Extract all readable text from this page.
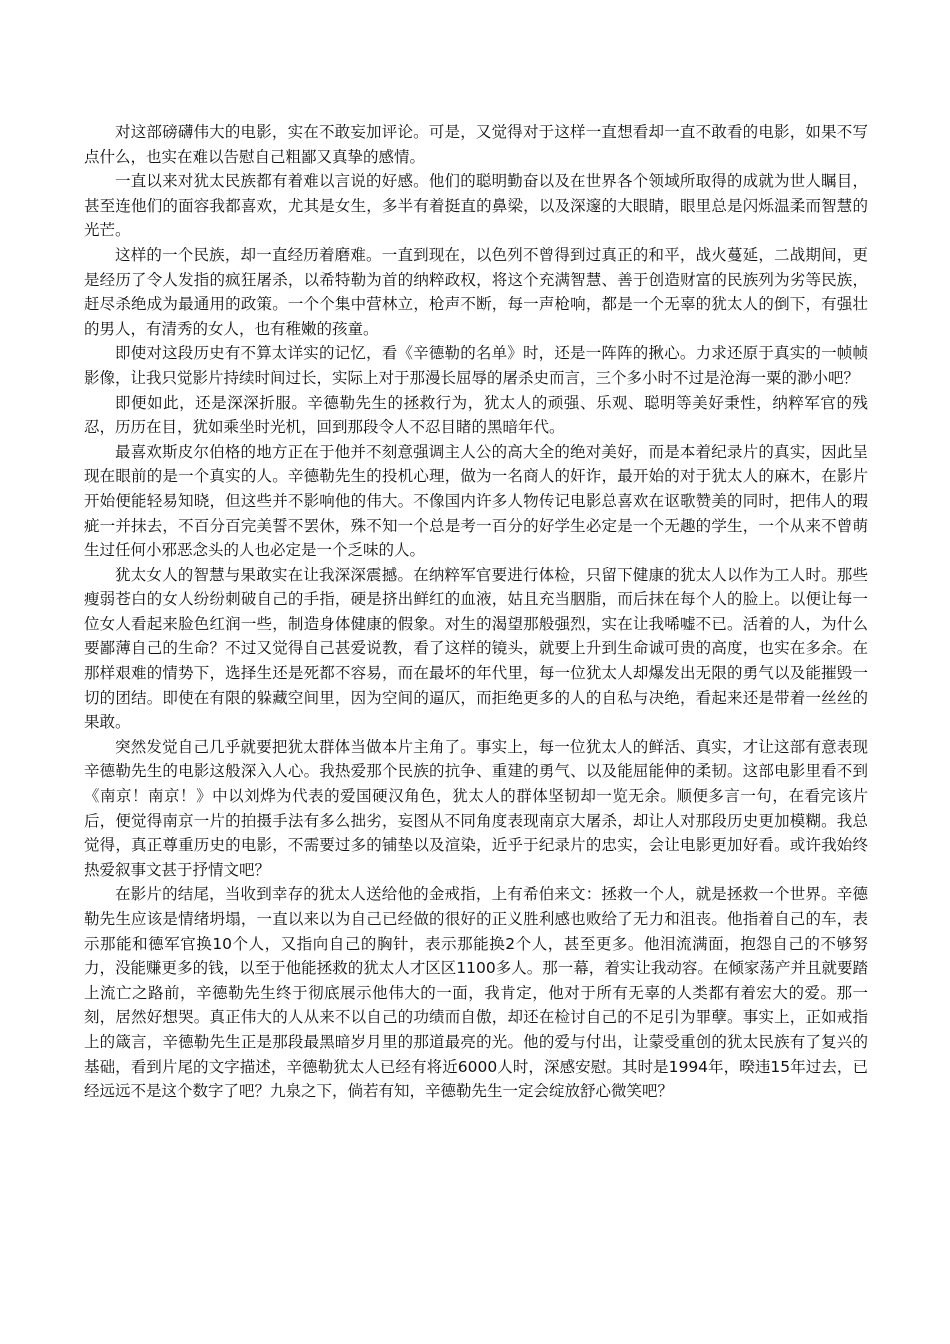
对这部磅礴伟大的电影，实在不敢妄加评论。可是，又觉得对于这样一直想看却一直不敢看的电影，如果不写点什么，也实在难以告慰自己粗鄙又真挚的感情。

一直以来对犹太民族都有着难以言说的好感。他们的聪明勤奋以及在世界各个领域所取得的成就为世人瞩目，甚至连他们的面容我都喜欢，尤其是女生，多半有着挺直的鼻梁，以及深邃的大眼睛，眼里总是闪烁温柔而智慧的光芒。

这样的一个民族，却一直经历着磨难。一直到现在，以色列不曾得到过真正的和平，战火蔓延，二战期间，更是经历了令人发指的疯狂屠杀，以希特勒为首的纳粹政权，将这个充满智慧、善于创造财富的民族列为劣等民族，赶尽杀绝成为最通用的政策。一个个集中营林立，枪声不断，每一声枪响，都是一个无辜的犹太人的倒下，有强壮的男人，有清秀的女人，也有稚嫩的孩童。

即使对这段历史有不算太详实的记忆，看《辛德勒的名单》时，还是一阵阵的揪心。力求还原于真实的一帧帧影像，让我只觉影片持续时间过长，实际上对于那漫长屈辱的屠杀史而言，三个多小时不过是沧海一粟的渺小吧？

即便如此，还是深深折服。辛德勒先生的拯救行为，犹太人的顽强、乐观、聪明等美好秉性，纳粹军官的残忍，历历在目，犹如乘坐时光机，回到那段令人不忍目睹的黑暗年代。

最喜欢斯皮尔伯格的地方正在于他并不刻意强调主人公的高大全的绝对美好，而是本着纪录片的真实，因此呈现在眼前的是一个真实的人。辛德勒先生的投机心理，做为一名商人的奸诈，最开始的对于犹太人的麻木，在影片开始便能轻易知晓，但这些并不影响他的伟大。不像国内许多人物传记电影总喜欢在讴歌赞美的同时，把伟人的瑕疵一并抹去，不百分百完美誓不罢休，殊不知一个总是考一百分的好学生必定是一个无趣的学生，一个从来不曾萌生过任何小邪恶念头的人也必定是一个乏味的人。

犹太女人的智慧与果敢实在让我深深震撼。在纳粹军官要进行体检，只留下健康的犹太人以作为工人时。那些瘦弱苍白的女人纷纷刺破自己的手指，硬是挤出鲜红的血液，姑且充当胭脂，而后抹在每个人的脸上。以便让每一位女人看起来脸色红润一些，制造身体健康的假象。对生的渴望那般强烈，实在让我唏嘘不已。活着的人，为什么要鄙薄自己的生命？不过又觉得自己甚爱说教，看了这样的镜头，就要上升到生命诚可贵的高度，也实在多余。在那样艰难的情势下，选择生还是死都不容易，而在最坏的年代里，每一位犹太人却爆发出无限的勇气以及能摧毁一切的团结。即使在有限的躲藏空间里，因为空间的逼仄，而拒绝更多的人的自私与决绝，看起来还是带着一丝丝的果敢。

突然发觉自己几乎就要把犹太群体当做本片主角了。事实上，每一位犹太人的鲜活、真实，才让这部有意表现辛德勒先生的电影这般深入人心。我热爱那个民族的抗争、重建的勇气、以及能屈能伸的柔韧。这部电影里看不到《南京！南京！》中以刘烨为代表的爱国硬汉角色，犹太人的群体坚韧却一览无余。顺便多言一句，在看完该片后，便觉得南京一片的拍摄手法有多么拙劣，妄图从不同角度表现南京大屠杀，却让人对那段历史更加模糊。我总觉得，真正尊重历史的电影，不需要过多的铺垫以及渲染，近乎于纪录片的忠实，会让电影更加好看。或许我始终热爱叙事文甚于抒情文吧？

在影片的结尾，当收到幸存的犹太人送给他的金戒指，上有希伯来文：拯救一个人，就是拯救一个世界。辛德勒先生应该是情绪坍塌，一直以来以为自己已经做的很好的正义胜利感也败给了无力和沮丧。他指着自己的车，表示那能和德军官换10个人，又指向自己的胸针，表示那能换2个人，甚至更多。他泪流满面，抱怨自己的不够努力，没能赚更多的钱，以至于他能拯救的犹太人才区区1100多人。那一幕，着实让我动容。在倾家荡产并且就要踏上流亡之路前，辛德勒先生终于彻底展示他伟大的一面，我肯定，他对于所有无辜的人类都有着宏大的爱。那一刻，居然好想哭。真正伟大的人从来不以自己的功绩而自傲，却还在检讨自己的不足引为罪孽。事实上，正如戒指上的箴言，辛德勒先生正是那段最黑暗岁月里的那道最亮的光。他的爱与付出，让蒙受重创的犹太民族有了复兴的基础，看到片尾的文字描述，辛德勒犹太人已经有将近6000人时，深感安慰。其时是1994年，暌违15年过去，已经远远不是这个数字了吧？九泉之下，倘若有知，辛德勒先生一定会绽放舒心微笑吧？
